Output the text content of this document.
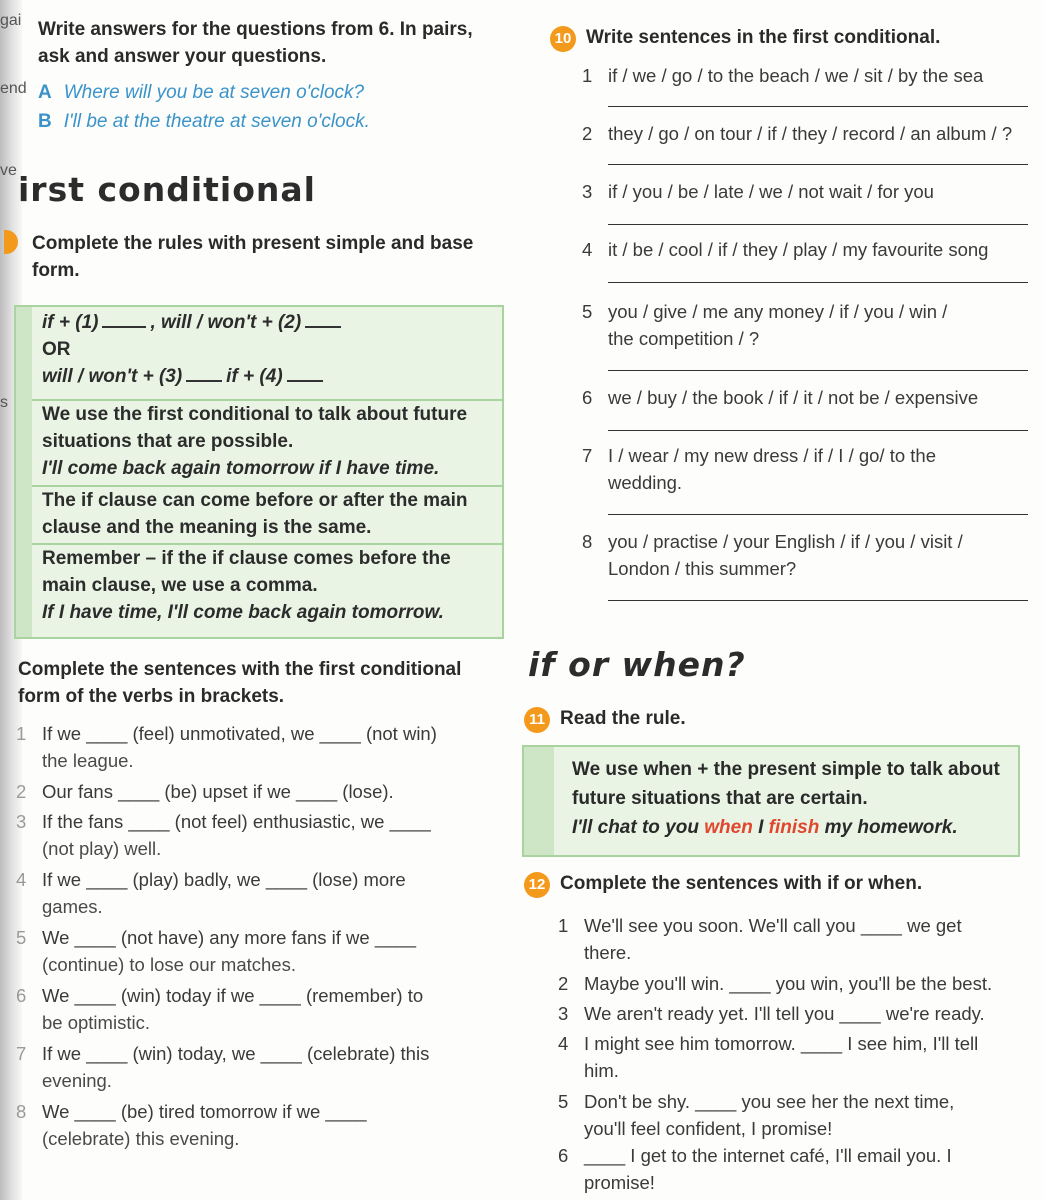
gai
end
ve
s
Write answers for the questions from 6. In pairs, ask and answer your questions.
A Where will you be at seven o'clock?
B I'll be at the theatre at seven o'clock.
irst conditional
Complete the rules with present simple and base form.
if + (1)	, will / won't + (2)
OR
will / won't + (3) if + (4)
We use the first conditional to talk about future situations that are possible.
I'll come back again tomorrow if I have time.
The if clause can come before or after the main clause and the meaning is the same.
Remember – if the if clause comes before the main clause, we use a comma.
If I have time, I'll come back again tomorrow.
Complete the sentences with the first conditional form of the verbs in brackets.
1 If we ____ (feel) unmotivated, we ____ (not win)
the league.
2 Our fans ____ (be) upset if we ____ (lose).
3 If the fans ____ (not feel) enthusiastic, we ____
(not play) well.
4 If we ____ (play) badly, we ____ (lose) more
games.
5 We ____ (not have) any more fans if we ____
(continue) to lose our matches.
6 We ____ (win) today if we ____ (remember) to
be optimistic.
7 If we ____ (win) today, we ____ (celebrate) this
evening.
8 We ____ (be) tired tomorrow if we ____
(celebrate) this evening.
10 Write sentences in the first conditional.
1 if / we / go / to the beach / we / sit / by the sea
2 they / go / on tour / if / they / record / an album / ?
3 if / you / be / late / we / not wait / for you
4 it / be / cool / if / they / play / my favourite song
5 you / give / me any money / if / you / win /
the competition / ?
6 we / buy / the book / if / it / not be / expensive
7 I / wear / my new dress / if / I / go/ to the
wedding.
8 you / practise / your English / if / you / visit /
London / this summer?
if or when?
11 Read the rule.
We use when + the present simple to talk about
future situations that are certain.
I'll chat to you when I finish my homework.
12 Complete the sentences with if or when.
1 We'll see you soon. We'll call you ____ we get
there.
2 Maybe you'll win. ____ you win, you'll be the best.
3 We aren't ready yet. I'll tell you ____ we're ready.
4 I might see him tomorrow. ____ I see him, I'll tell
him.
5 Don't be shy. ____ you see her the next time,
you'll feel confident, I promise!
6 ____ I get to the internet café, I'll email you. I
promise!
